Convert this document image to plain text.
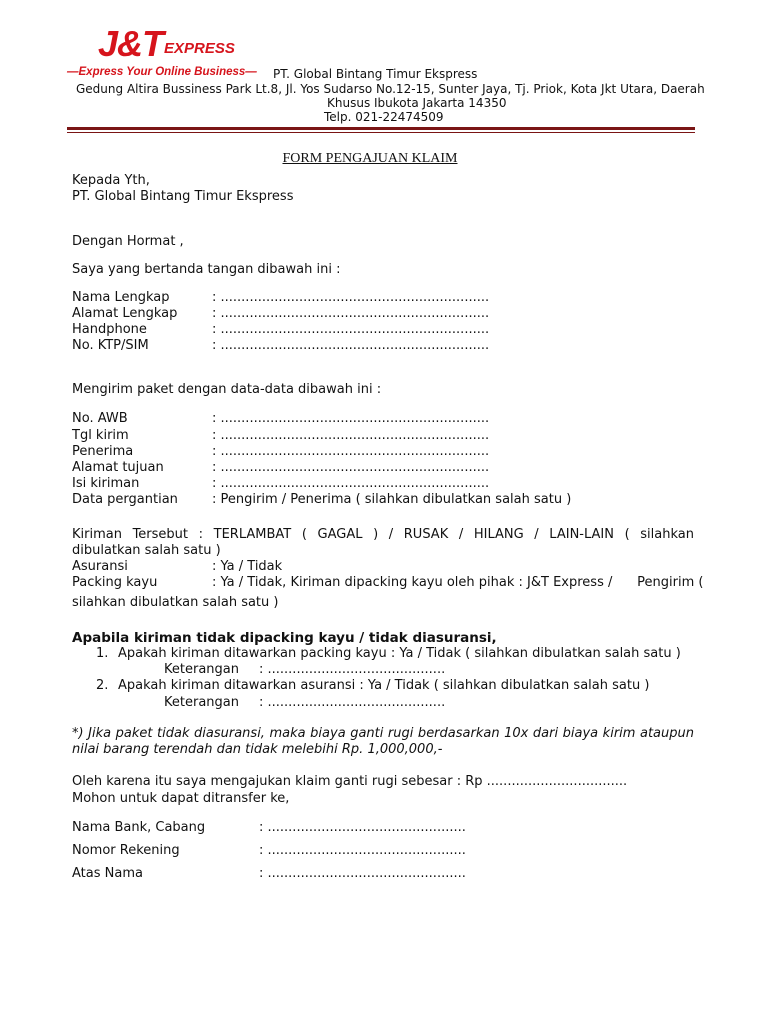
$J\&T^{EXPRESS}$
—Express Your Online Business— PT. Global Bintang Timur Ekspress
Gedung Altira Bussiness Park Lt.8, Jl. Yos Sudarso No.12-15, Sunter Jaya, Tj. Priok, Kota Jkt Utara, Daerah
Khusus Ibukota Jakarta 14350
Telp. 021-22474509
FORM PENGAJUAN KLAIM
Kepada Yth,
PT. Global Bintang Timur Ekspress
Dengan Hormat ,
Saya yang bertanda tangan dibawah ini :
Nama Lengkap	: .................................................................
Alamat Lengkap	: .................................................................
Handphone	: .................................................................
No. KTP/SIM	: .................................................................
Mengirim paket dengan data-data dibawah ini :
No. AWB	: .................................................................
Tgl kirim	: .................................................................
Penerima	: .................................................................
Alamat tujuan	: .................................................................
Isi kiriman	: .................................................................
Data pergantian	: Pengirim / Penerima ( silahkan dibulatkan salah satu )
Kiriman Tersebut : TERLAMBAT ( GAGAL ) / RUSAK / HILANG / LAIN-LAIN ( silahkan
dibulatkan salah satu )
Asuransi	: Ya / Tidak
Packing kayu	: Ya / Tidak, Kiriman dipacking kayu oleh pihak : J&T Express /      Pengirim (
silahkan dibulatkan salah satu )
Apabila kiriman tidak dipacking kayu / tidak diasuransi,
1. Apakah kiriman ditawarkan packing kayu : Ya / Tidak ( silahkan dibulatkan salah satu )
Keterangan : ...........................................
2. Apakah kiriman ditawarkan asuransi : Ya / Tidak ( silahkan dibulatkan salah satu )
Keterangan : ...........................................
*) Jika paket tidak diasuransi, maka biaya ganti rugi berdasarkan 10x dari biaya kirim ataupun
nilai barang terendah dan tidak melebihi Rp. 1,000,000,-
Oleh karena itu saya mengajukan klaim ganti rugi sebesar : Rp ..................................
Mohon untuk dapat ditransfer ke,
Nama Bank, Cabang	: ................................................
Nomor Rekening	: ................................................
Atas Nama	: ................................................
